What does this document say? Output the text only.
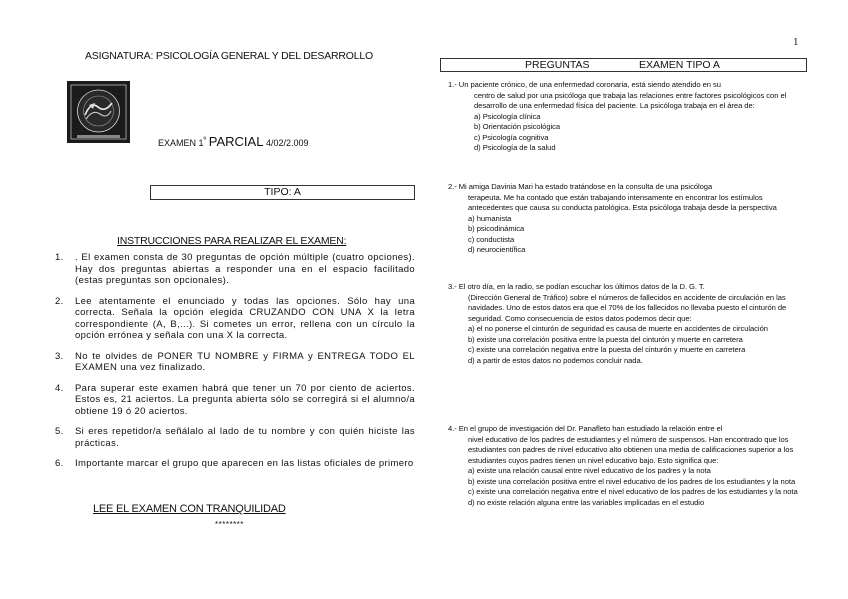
1
ASIGNATURA: PSICOLOGÍA GENERAL Y DEL DESARROLLO
EXAMEN $1^º$ PARCIAL 4/02/2.009
TIPO: A
INSTRUCCIONES PARA REALIZAR EL EXAMEN:
1. . El examen consta de 30 preguntas de opción múltiple (cuatro opciones). Hay dos preguntas abiertas a responder una en el espacio facilitado (estas preguntas son opcionales).
2. Lee atentamente el enunciado y todas las opciones. Sólo hay una correcta. Señala la opción elegida CRUZANDO CON UNA X la letra correspondiente (A, B,...). Si cometes un error, rellena con un círculo la opción errónea y señala con una X la correcta.
3. No te olvides de PONER TU NOMBRE y FIRMA y ENTREGA TODO EL EXAMEN una vez finalizado.
4. Para superar este examen habrá que tener un 70 por ciento de aciertos. Estos es, 21 aciertos. La pregunta abierta sólo se corregirá si el alumno/a obtiene 19 ó 20 aciertos.
5. Si eres repetidor/a señálalo al lado de tu nombre y con quién hiciste las prácticas.
6. Importante marcar el grupo que aparecen en las listas oficiales de primero
LEE EL EXAMEN CON TRANQUILIDAD
********
PREGUNTAS	EXAMEN TIPO A

1.- Un paciente crónico, de una enfermedad coronaria, está siendo atendido en su

centro de salud por una psicóloga que trabaja las relaciones entre factores psicológicos con el desarrollo de una enfermedad física del paciente. La psicóloga trabaja en el área de:

a) Psicología clínica
b) Orientación psicológica
c) Psicología cognitiva
d) Psicología de la salud

2.- Mi amiga Davinia Mari ha estado tratándose en la consulta de una psicóloga

terapeuta. Me ha contado que están trabajando intensamente en encontrar los estímulos antecedentes que causa su conducta patológica. Esta psicóloga trabaja desde la perspectiva

a) humanista
b) psicodinámica
c) conductista
d) neurocientífica

3.- El otro día, en la radio, se podían escuchar los últimos datos de la D. G. T.

(Dirección General de Tráfico) sobre el números de fallecidos en accidente de circulación en las navidades. Uno de estos datos era que el 70% de los fallecidos no llevaba puesto el cinturón de seguridad. Como consecuencia de estos datos podemos decir que:

a) el no ponerse el cinturón de seguridad es causa de muerte en accidentes de circulación
b) existe una correlación positiva entre la puesta del cinturón y muerte en carretera
c) existe una correlación negativa entre la puesta del cinturón y muerte en carretera
d) a partir de estos datos no podemos concluir nada.

4.- En el grupo de investigación del Dr. Panafleto han estudiado la relación entre el

nivel educativo de los padres de estudiantes y el número de suspensos. Han encontrado que los estudiantes con padres de nivel educativo alto obtienen una media de calificaciones superior a los estudiantes cuyos padres tienen un nivel educativo bajo. Esto significa que:

a) existe una relación causal entre nivel educativo de los padres y la nota
b) existe una correlación positiva entre el nivel educativo de los padres de los estudiantes y la nota
c) existe una correlación negativa entre el nivel educativo de los padres de los estudiantes y la nota
d) no existe relación alguna entre las variables implicadas en el estudio
